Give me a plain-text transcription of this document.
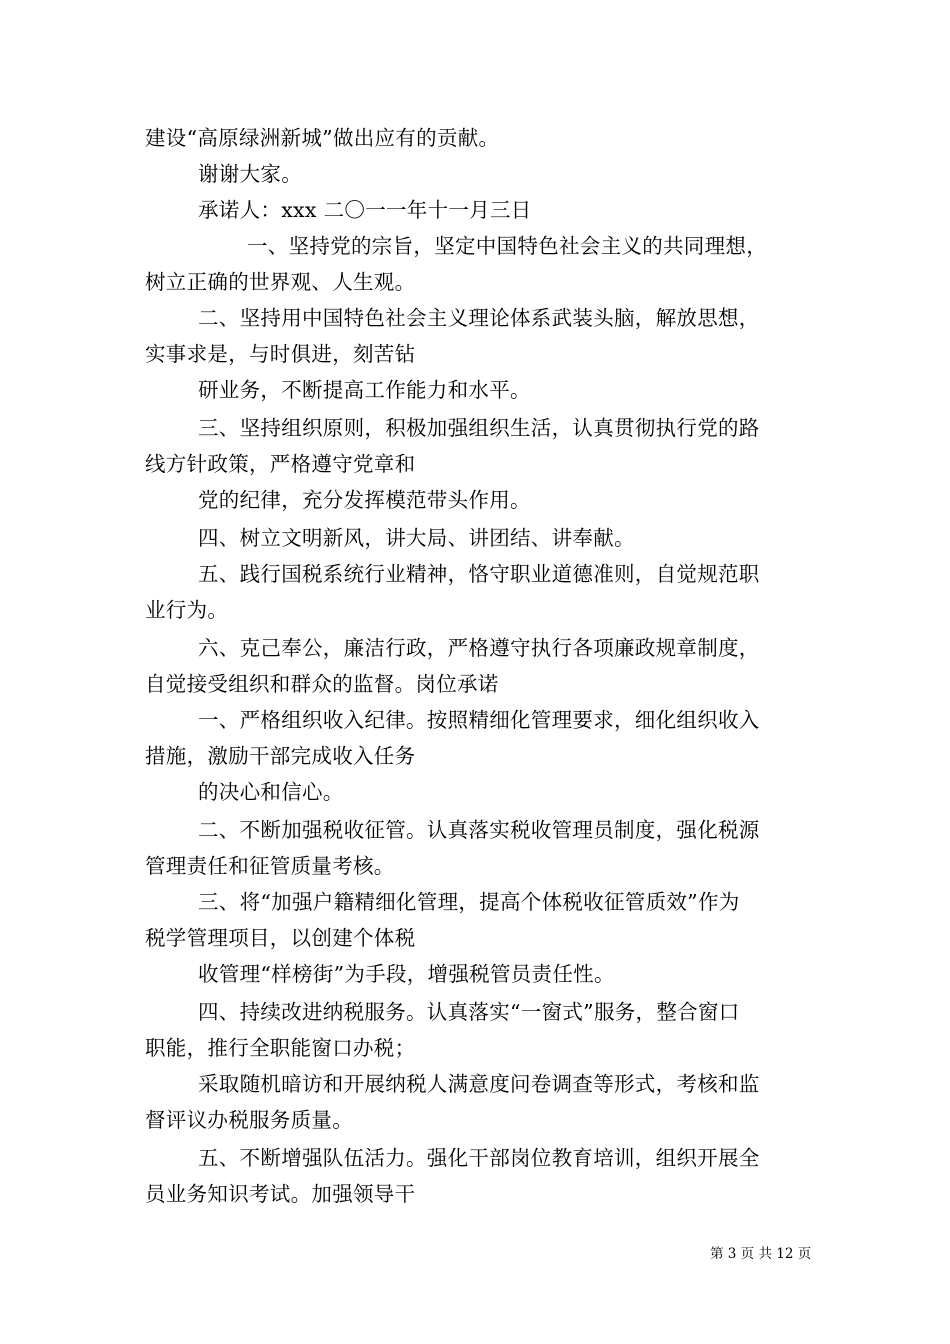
建设“高原绿洲新城”做出应有的贡献。
谢谢大家。
承诺人：xxx 二〇一一年十一月三日
一、坚持党的宗旨，坚定中国特色社会主义的共同理想，
树立正确的世界观、人生观。
二、坚持用中国特色社会主义理论体系武装头脑，解放思想，
实事求是，与时俱进，刻苦钻
研业务，不断提高工作能力和水平。
三、坚持组织原则，积极加强组织生活，认真贯彻执行党的路
线方针政策，严格遵守党章和
党的纪律，充分发挥模范带头作用。
四、树立文明新风，讲大局、讲团结、讲奉献。
五、践行国税系统行业精神，恪守职业道德准则，自觉规范职
业行为。
六、克己奉公，廉洁行政，严格遵守执行各项廉政规章制度，
自觉接受组织和群众的监督。岗位承诺
一、严格组织收入纪律。按照精细化管理要求，细化组织收入
措施，激励干部完成收入任务
的决心和信心。
二、不断加强税收征管。认真落实税收管理员制度，强化税源
管理责任和征管质量考核。
三、将“加强户籍精细化管理，提高个体税收征管质效”作为
税学管理项目，以创建个体税
收管理“样榜街”为手段，增强税管员责任性。
四、持续改进纳税服务。认真落实“一窗式”服务，整合窗口
职能，推行全职能窗口办税；
采取随机暗访和开展纳税人满意度问卷调查等形式，考核和监
督评议办税服务质量。
五、不断增强队伍活力。强化干部岗位教育培训，组织开展全
员业务知识考试。加强领导干
第 3 页 共 12 页
